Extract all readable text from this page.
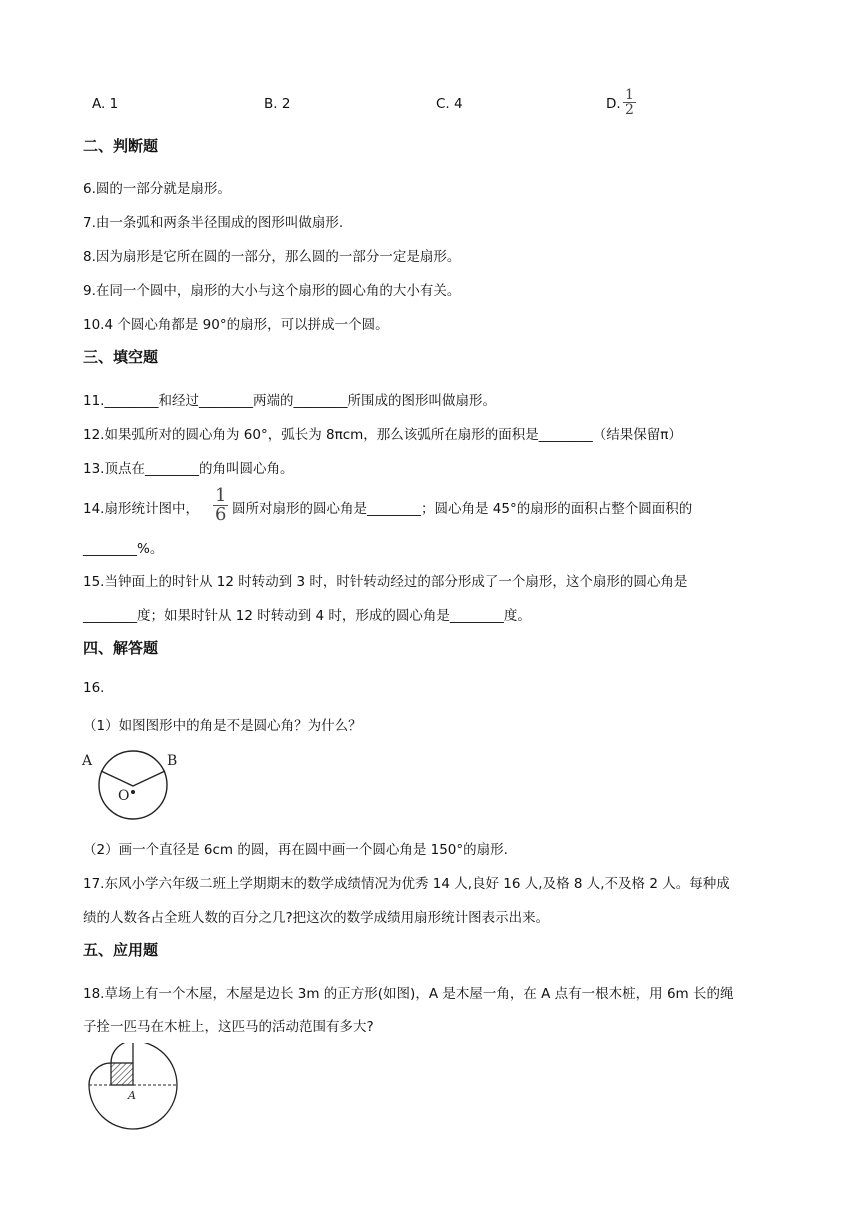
A. 1	B. 2	C. 4	D. $\frac{1}{2}$
二、判断题
6.圆的一部分就是扇形。
7.由一条弧和两条半径围成的图形叫做扇形.
8.因为扇形是它所在圆的一部分，那么圆的一部分一定是扇形。
9.在同一个圆中，扇形的大小与这个扇形的圆心角的大小有关。
10.4 个圆心角都是 90°的扇形，可以拼成一个圆。
三、填空题
11.________和经过________两端的________所围成的图形叫做扇形。
12.如果弧所对的圆心角为 60°，弧长为 8πcm，那么该弧所在扇形的面积是________（结果保留π）
13.顶点在________的角叫圆心角。
14.扇形统计图中， $\frac{1}{6}$ 圆所对扇形的圆心角是________；圆心角是 45°的扇形的面积占整个圆面积的
________%。
15.当钟面上的时针从 12 时转动到 3 时，时针转动经过的部分形成了一个扇形，这个扇形的圆心角是
________度；如果时针从 12 时转动到 4 时，形成的圆心角是________度。
四、解答题
16.
（1）如图图形中的角是不是圆心角？为什么？
A	B
O
（2）画一个直径是 6cm 的圆，再在圆中画一个圆心角是 150°的扇形.
17.东风小学六年级二班上学期期末的数学成绩情况为优秀 14 人,良好 16 人,及格 8 人,不及格 2 人。每种成
绩的人数各占全班人数的百分之几?把这次的数学成绩用扇形统计图表示出来。
五、应用题
18.草场上有一个木屋，木屋是边长 3m 的正方形(如图)，A 是木屋一角，在 A 点有一根木桩，用 6m 长的绳
子拴一匹马在木桩上，这匹马的活动范围有多大?
A
